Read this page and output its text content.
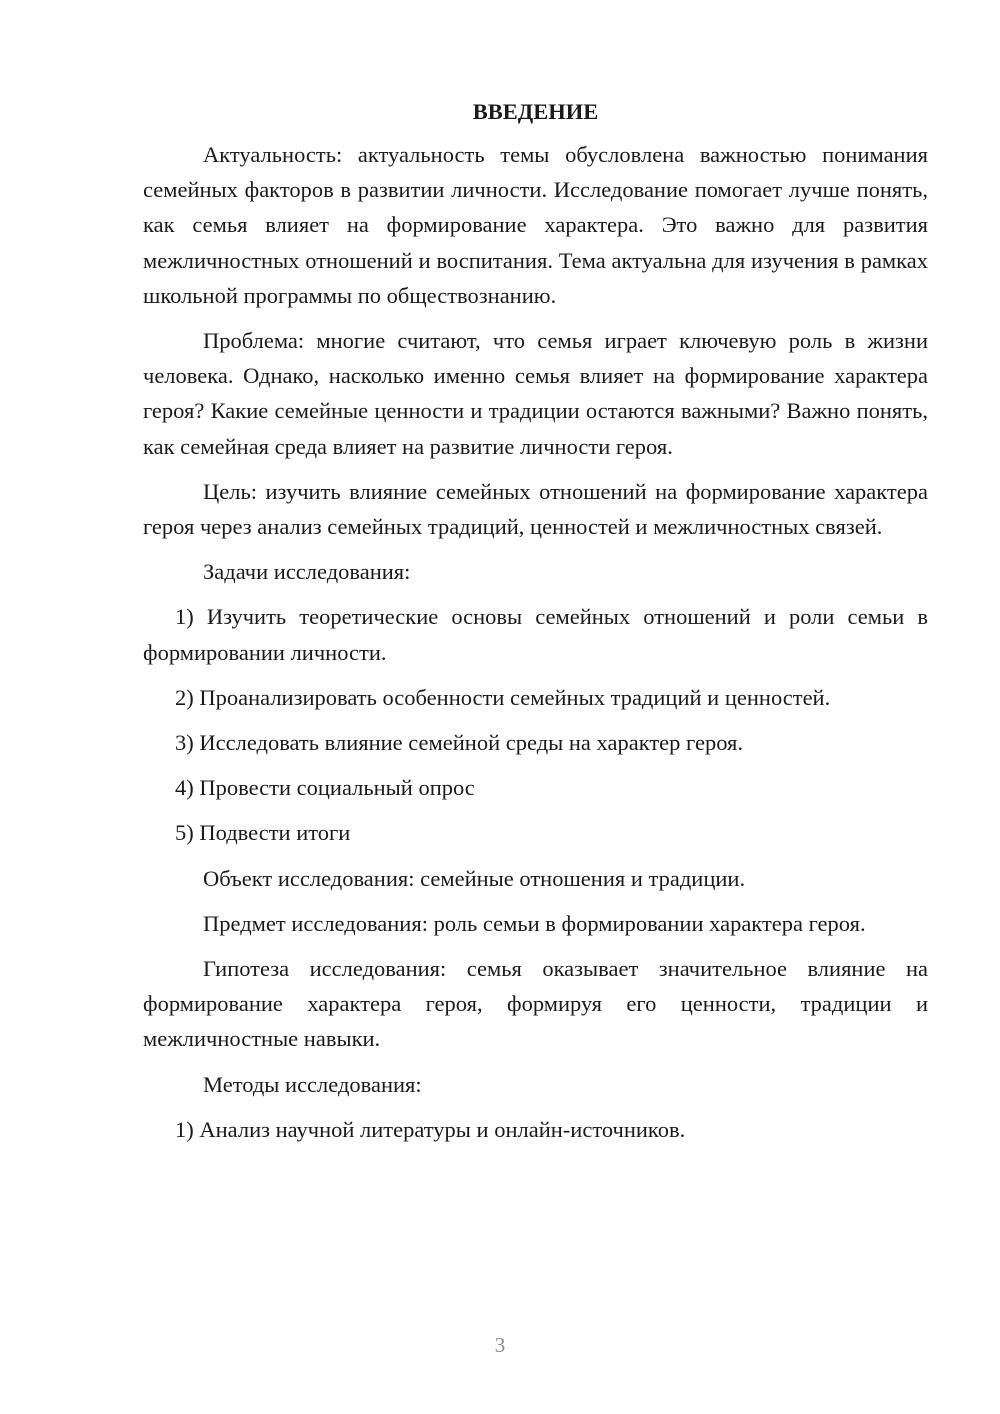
ВВЕДЕНИЕ

Актуальность: актуальность темы обусловлена важностью понимания семейных факторов в развитии личности. Исследование помогает лучше понять, как семья влияет на формирование характера. Это важно для развития межличностных отношений и воспитания. Тема актуальна для изучения в рамках школьной программы по обществознанию.

Проблема: многие считают, что семья играет ключевую роль в жизни человека. Однако, насколько именно семья влияет на формирование характера героя? Какие семейные ценности и традиции остаются важными? Важно понять, как семейная среда влияет на развитие личности героя.

Цель: изучить влияние семейных отношений на формирование характера героя через анализ семейных традиций, ценностей и межличностных связей.

Задачи исследования:

1) Изучить теоретические основы семейных отношений и роли семьи в формировании личности.

2) Проанализировать особенности семейных традиций и ценностей.

3) Исследовать влияние семейной среды на характер героя.

4) Провести социальный опрос

5) Подвести итоги

Объект исследования: семейные отношения и традиции.

Предмет исследования: роль семьи в формировании характера героя.

Гипотеза исследования: семья оказывает значительное влияние на формирование характера героя, формируя его ценности, традиции и межличностные навыки.

Методы исследования:

1) Анализ научной литературы и онлайн-источников.

3
